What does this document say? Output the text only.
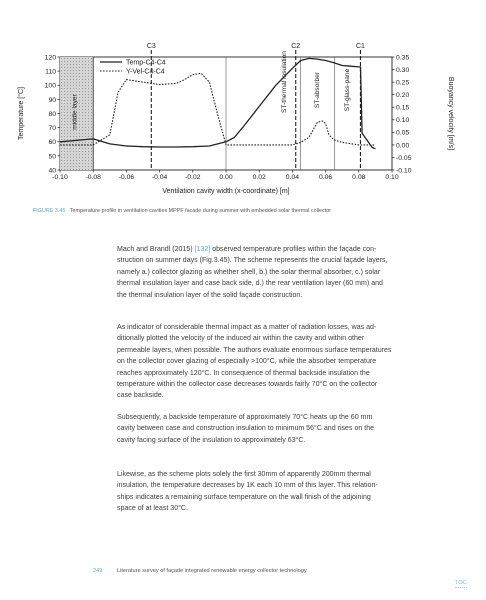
C3	C2	C1
-0.10	-0.08	-0.06	-0.04	-0.02	0.00	0.02	0.04	0.06	0.08	0.10
40
50
60
70
80
90
100
110
120
-0.10
-0.05
0.00
0.05
0.10
0.15
0.20
0.25
0.30
0.35
Ventilation cavity width (x-coordinate) [m]
Temperature [°C]	Buoyancy velocity [m/s]
middle layer	ST-thermal insulation	ST-absorber	ST-glass-pane
Temp-C4-C4
Y-Vel-C4-C4
FIGURE 3.45 Temperature profile in ventilation cavities MPPF facade during summer with embedded solar thermal collector
Mach and Brandl (2015) [132] observed temperature profiles within the façade con-
struction on summer days (Fig.3.45). The scheme represents the crucial façade layers,
namely a.) collector glazing as whether shell, b.) the solar thermal absorber, c.) solar
thermal insulation layer and case back side, d.) the rear ventilation layer (60 mm) and
the thermal insulation layer of the solid façade construction.
As indicator of considerable thermal impact as a matter of radiation losses, was ad-
ditionally plotted the velocity of the induced air within the cavity and within other
permeable layers, when possible. The authors evaluate enormous surface temperatures
on the collector cover glazing of especially >100°C, while the absorber temperature
reaches approximately 120°C. In consequence of thermal backside insulation the
temperature within the collector case decreases towards fairly 70°C on the collector
case backside.
Subsequently, a backside temperature of approximately 70°C heats up the 60 mm
cavity between case and construction insulation to minimum 56°C and rises on the
cavity facing surface of the insulation to approximately 63°C.
Likewise, as the scheme plots solely the first 30mm of apparently 200mm thermal
insulation, the temperature decreases by 1K each 10 mm of this layer. This relation-
ships indicates a remaining surface temperature on the wall finish of the adjoining
space of at least 30°C.
249	Literature survey of façade integrated renewable energy collector technology
TOC
